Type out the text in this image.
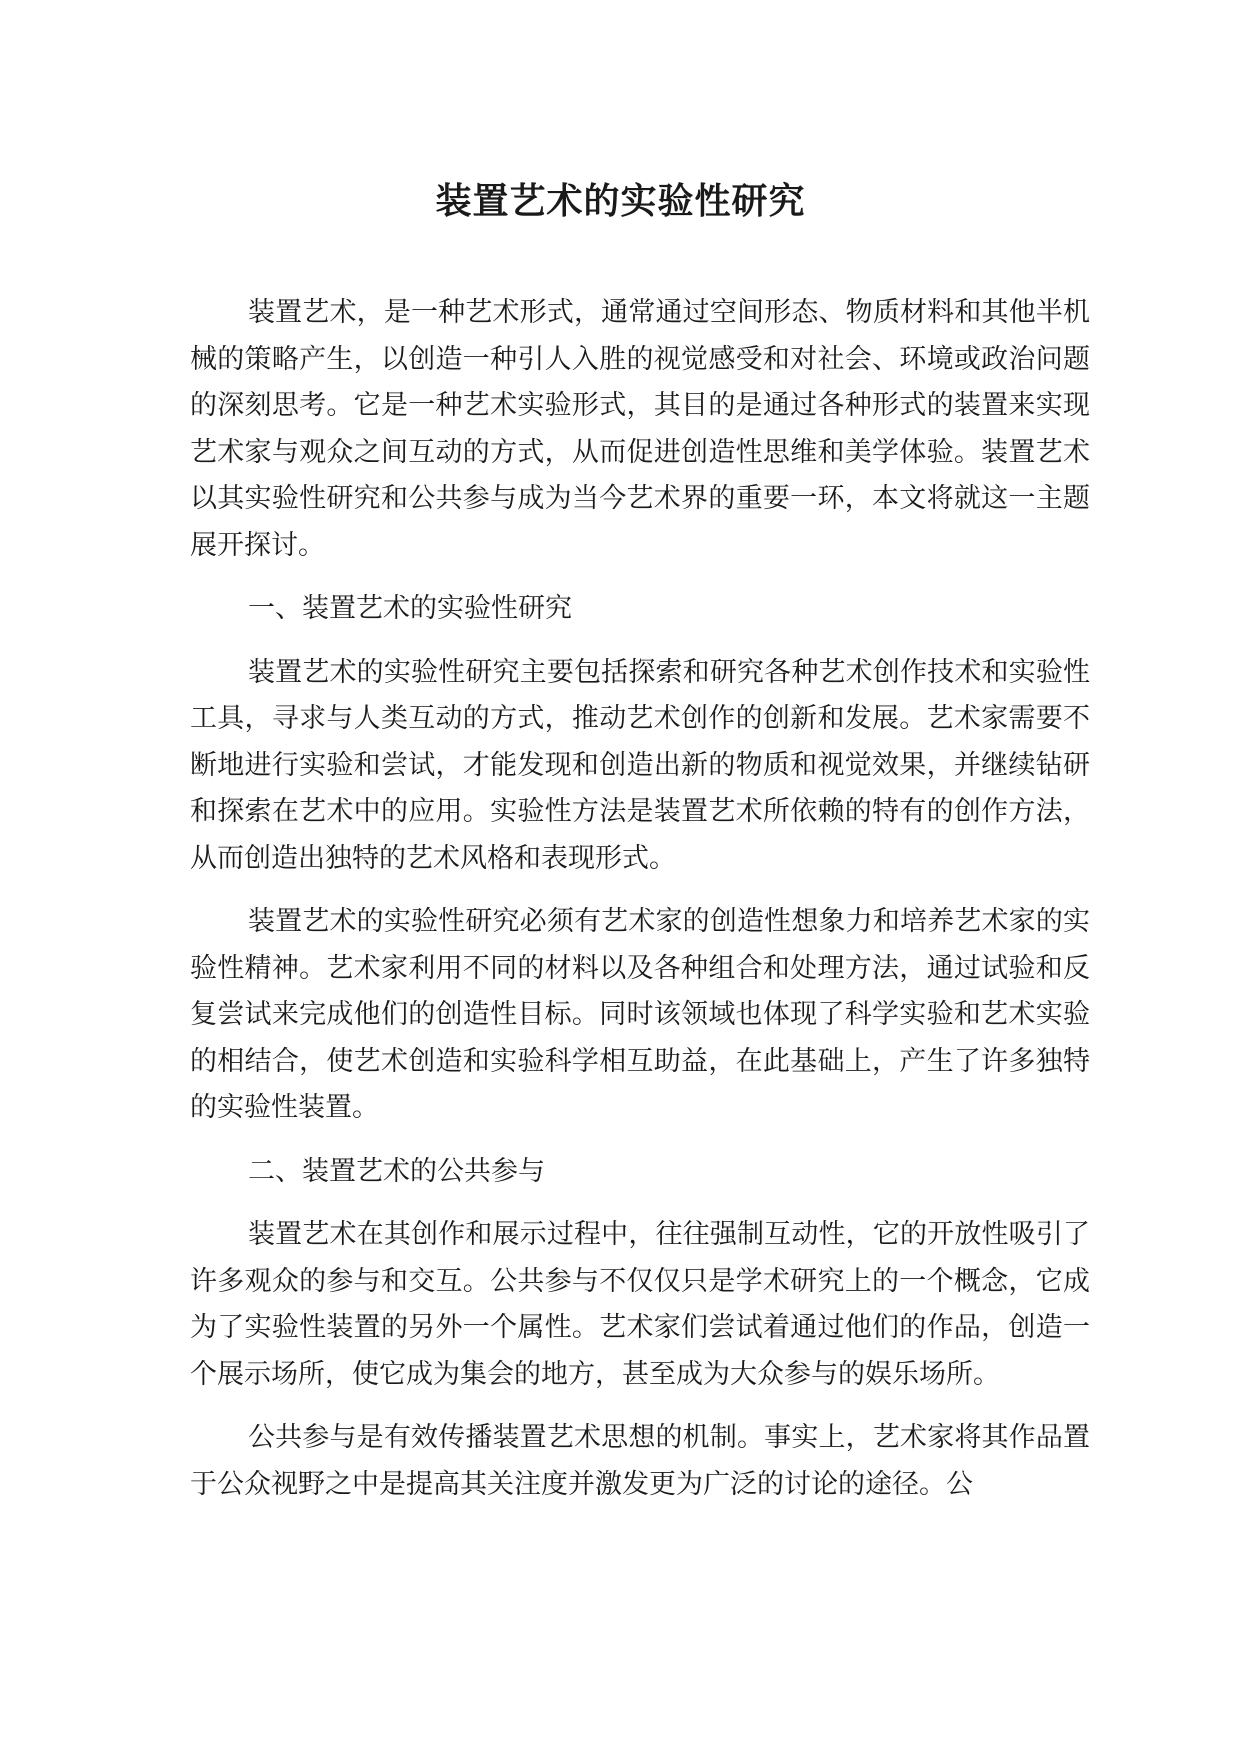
装置艺术的实验性研究

装置艺术，是一种艺术形式，通常通过空间形态、物质材料和其他半机械的策略产生，以创造一种引人入胜的视觉感受和对社会、环境或政治问题的深刻思考。它是一种艺术实验形式，其目的是通过各种形式的装置来实现艺术家与观众之间互动的方式，从而促进创造性思维和美学体验。装置艺术以其实验性研究和公共参与成为当今艺术界的重要一环，本文将就这一主题展开探讨。

一、装置艺术的实验性研究

装置艺术的实验性研究主要包括探索和研究各种艺术创作技术和实验性工具，寻求与人类互动的方式，推动艺术创作的创新和发展。艺术家需要不断地进行实验和尝试，才能发现和创造出新的物质和视觉效果，并继续钻研和探索在艺术中的应用。实验性方法是装置艺术所依赖的特有的创作方法，从而创造出独特的艺术风格和表现形式。

装置艺术的实验性研究必须有艺术家的创造性想象力和培养艺术家的实验性精神。艺术家利用不同的材料以及各种组合和处理方法，通过试验和反复尝试来完成他们的创造性目标。同时该领域也体现了科学实验和艺术实验的相结合，使艺术创造和实验科学相互助益，在此基础上，产生了许多独特的实验性装置。

二、装置艺术的公共参与

装置艺术在其创作和展示过程中，往往强制互动性，它的开放性吸引了许多观众的参与和交互。公共参与不仅仅只是学术研究上的一个概念，它成为了实验性装置的另外一个属性。艺术家们尝试着通过他们的作品，创造一个展示场所，使它成为集会的地方，甚至成为大众参与的娱乐场所。

公共参与是有效传播装置艺术思想的机制。事实上，艺术家将其作品置于公众视野之中是提高其关注度并激发更为广泛的讨论的途径。公
